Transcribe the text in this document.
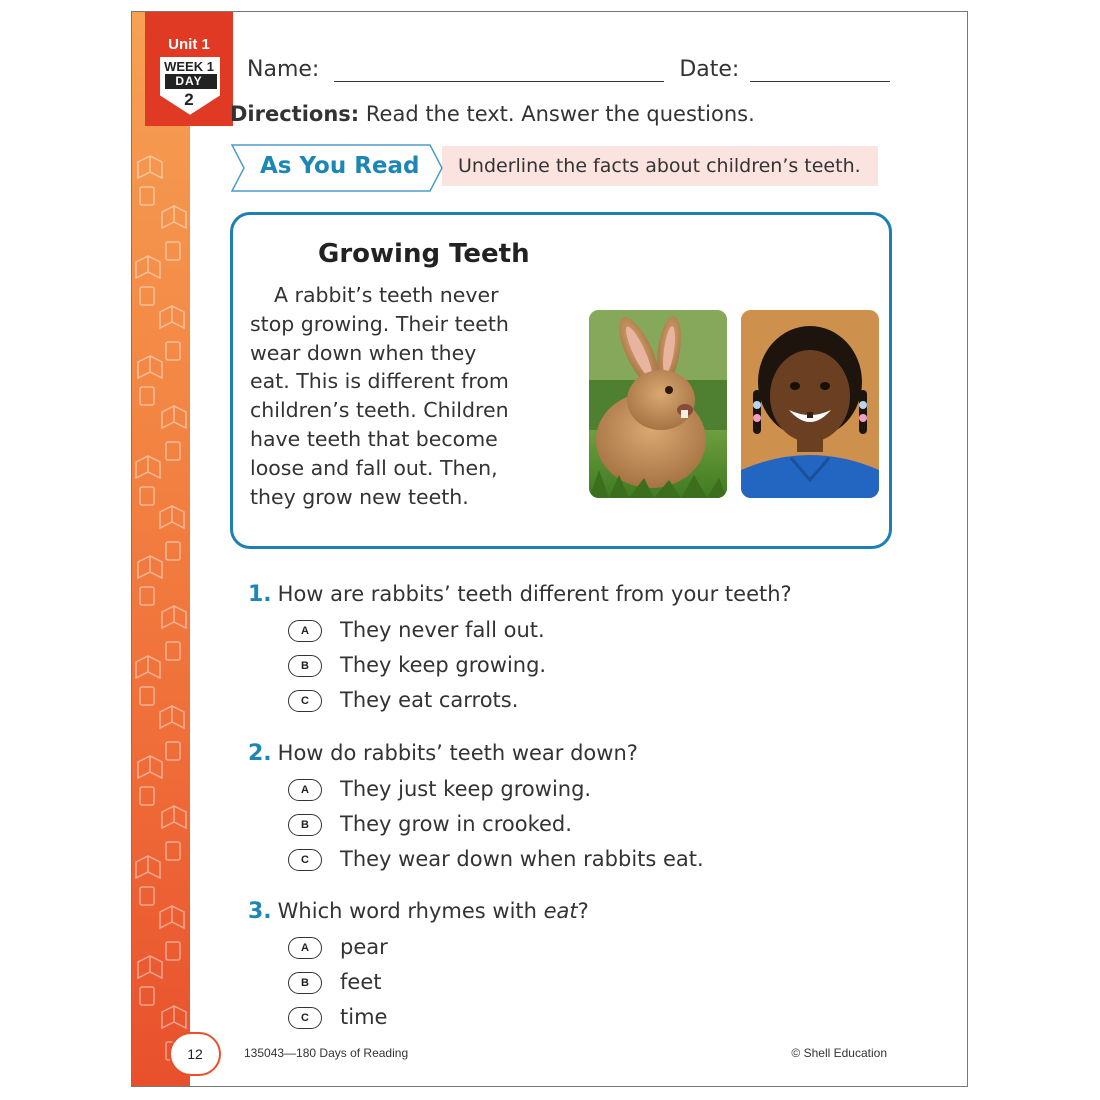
Unit 1
WEEK 1
DAY
2
Name:	Date:
Directions: Read the text. Answer the questions.
As You Read Underline the facts about children’s teeth.
Growing Teeth
A rabbit’s teeth never
stop growing. Their teeth
wear down when they
eat. This is different from
children’s teeth. Children
have teeth that become
loose and fall out. Then,
they grow new teeth.
1. How are rabbits’ teeth different from your teeth?
A They never fall out.
B They keep growing.
C They eat carrots.
2. How do rabbits’ teeth wear down?
A They just keep growing.
B They grow in crooked.
C They wear down when rabbits eat.
3. Which word rhymes with eat?
A pear
B feet
C time
12	135043—180 Days of Reading	© Shell Education
